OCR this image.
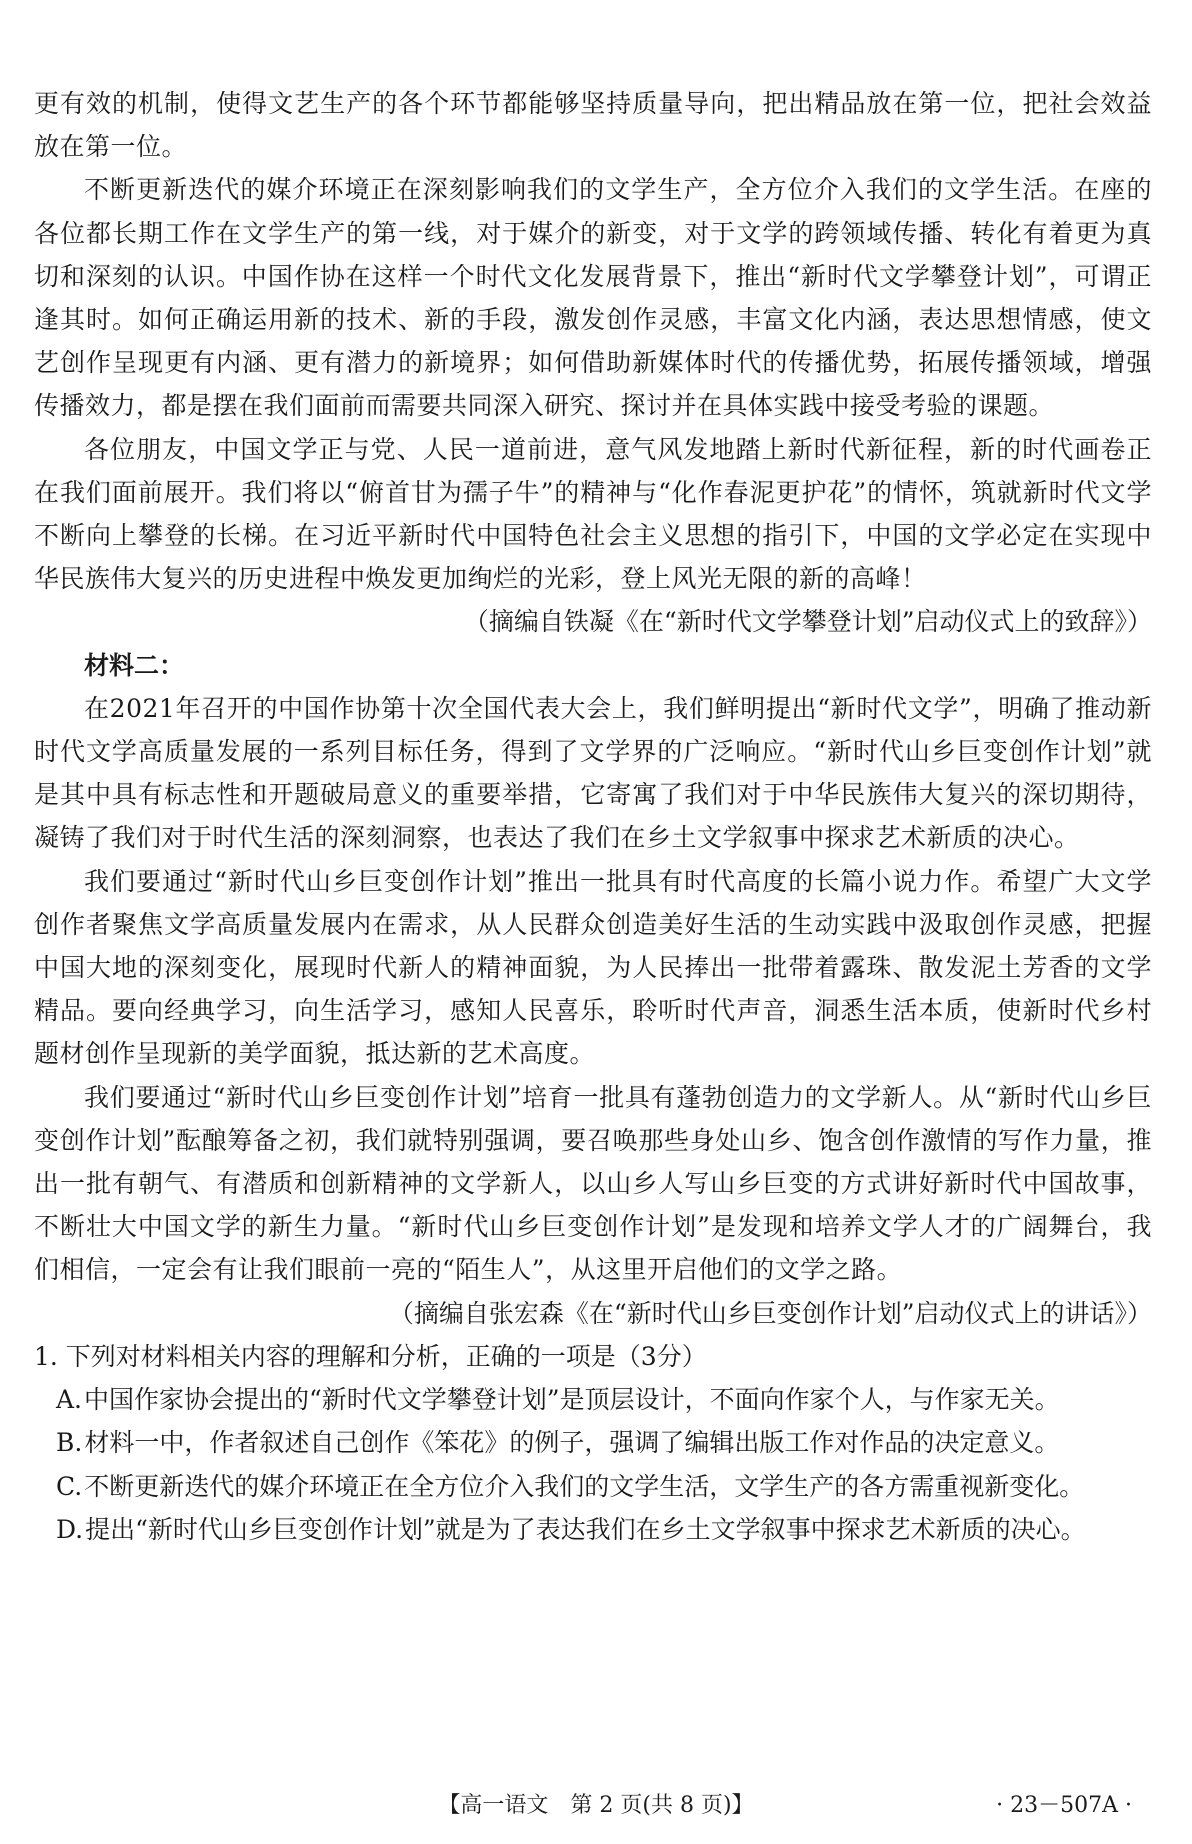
更有效的机制，使得文艺生产的各个环节都能够坚持质量导向，把出精品放在第一位，把社会效益放在第一位。

不断更新迭代的媒介环境正在深刻影响我们的文学生产，全方位介入我们的文学生活。在座的各位都长期工作在文学生产的第一线，对于媒介的新变，对于文学的跨领域传播、转化有着更为真切和深刻的认识。中国作协在这样一个时代文化发展背景下，推出“新时代文学攀登计划”，可谓正逢其时。如何正确运用新的技术、新的手段，激发创作灵感，丰富文化内涵，表达思想情感，使文艺创作呈现更有内涵、更有潜力的新境界；如何借助新媒体时代的传播优势，拓展传播领域，增强传播效力，都是摆在我们面前而需要共同深入研究、探讨并在具体实践中接受考验的课题。

各位朋友，中国文学正与党、人民一道前进，意气风发地踏上新时代新征程，新的时代画卷正在我们面前展开。我们将以“俯首甘为孺子牛”的精神与“化作春泥更护花”的情怀，筑就新时代文学不断向上攀登的长梯。在习近平新时代中国特色社会主义思想的指引下，中国的文学必定在实现中华民族伟大复兴的历史进程中焕发更加绚烂的光彩，登上风光无限的新的高峰！

（摘编自铁凝《在“新时代文学攀登计划”启动仪式上的致辞》）

材料二：

在2021年召开的中国作协第十次全国代表大会上，我们鲜明提出“新时代文学”，明确了推动新时代文学高质量发展的一系列目标任务，得到了文学界的广泛响应。“新时代山乡巨变创作计划”就是其中具有标志性和开题破局意义的重要举措，它寄寓了我们对于中华民族伟大复兴的深切期待，凝铸了我们对于时代生活的深刻洞察，也表达了我们在乡土文学叙事中探求艺术新质的决心。

我们要通过“新时代山乡巨变创作计划”推出一批具有时代高度的长篇小说力作。希望广大文学创作者聚焦文学高质量发展内在需求，从人民群众创造美好生活的生动实践中汲取创作灵感，把握中国大地的深刻变化，展现时代新人的精神面貌，为人民捧出一批带着露珠、散发泥土芳香的文学精品。要向经典学习，向生活学习，感知人民喜乐，聆听时代声音，洞悉生活本质，使新时代乡村题材创作呈现新的美学面貌，抵达新的艺术高度。

我们要通过“新时代山乡巨变创作计划”培育一批具有蓬勃创造力的文学新人。从“新时代山乡巨变创作计划”酝酿筹备之初，我们就特别强调，要召唤那些身处山乡、饱含创作激情的写作力量，推出一批有朝气、有潜质和创新精神的文学新人，以山乡人写山乡巨变的方式讲好新时代中国故事，不断壮大中国文学的新生力量。“新时代山乡巨变创作计划”是发现和培养文学人才的广阔舞台，我们相信，一定会有让我们眼前一亮的“陌生人”，从这里开启他们的文学之路。

（摘编自张宏森《在“新时代山乡巨变创作计划”启动仪式上的讲话》）

1. 下列对材料相关内容的理解和分析，正确的一项是（3分）

A.中国作家协会提出的“新时代文学攀登计划”是顶层设计，不面向作家个人，与作家无关。

B.材料一中，作者叙述自己创作《笨花》的例子，强调了编辑出版工作对作品的决定意义。

C.不断更新迭代的媒介环境正在全方位介入我们的文学生活，文学生产的各方需重视新变化。

D.提出“新时代山乡巨变创作计划”就是为了表达我们在乡土文学叙事中探求艺术新质的决心。

【高一语文　第 2 页(共 8 页)】	· 23－507A ·
